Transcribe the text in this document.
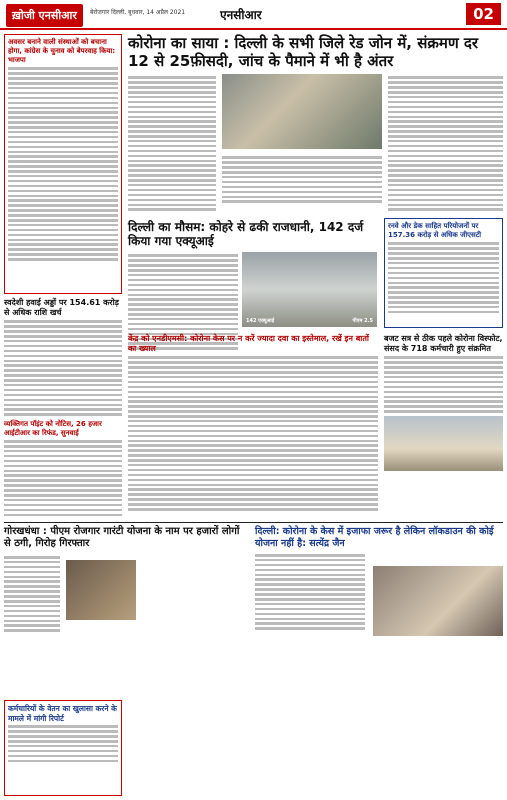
ख़ोजी एनसीआर	बेरोजगार दिल्ली, बुधवार, 14 अप्रैल 2021	एनसीआर	02
अवसर बनाने वाली संस्थाओं को बचाना होगा, कांग्रेस के चुनाव को बेपरवाह किया: भाजपा
स्वदेशी हवाई अड्डों पर 154.61 करोड़ से अधिक राशि खर्च
व्यक्तिगत पॉइंट को नोटिस, 26 हजार आईटीआर का रिफंड, सुनवाई
कोरोना का साया : दिल्ली के सभी जिले रेड जोन में, संक्रमण दर 12 से 25फ़ीसदी, जांच के पैमाने में भी है अंतर
दिल्ली का मौसम: कोहरे से ढकी राजधानी, 142 दर्ज किया गया एक्यूआई
142 एक्यूआई	पीएम 2.5
रनवे और डेक साहित परियोजनों पर 157.36 करोड़ से अधिक जीएसटी
केंद्र को एनडीएमसी: कोरोना केस पर न करें ज्यादा दवा का इस्तेमाल, रखें इन बातों का ख्याल
बजट सत्र से ठीक पहले कोरोना विस्फोट, संसद के 718 कर्मचारी हुए संक्रमित
गोरखधंधा : पीएम रोजगार गारंटी योजना के नाम पर हजारों लोगों से ठगी, गिरोह गिरफ्तार
कर्मचारियों के वेतन का खुलासा करने के मामले में मांगी रिपोर्ट
दिल्ली: कोरोना के केस में इजाफा जरूर है लेकिन लॉकडाउन की कोई योजना नहीं है: सत्येंद्र जैन
